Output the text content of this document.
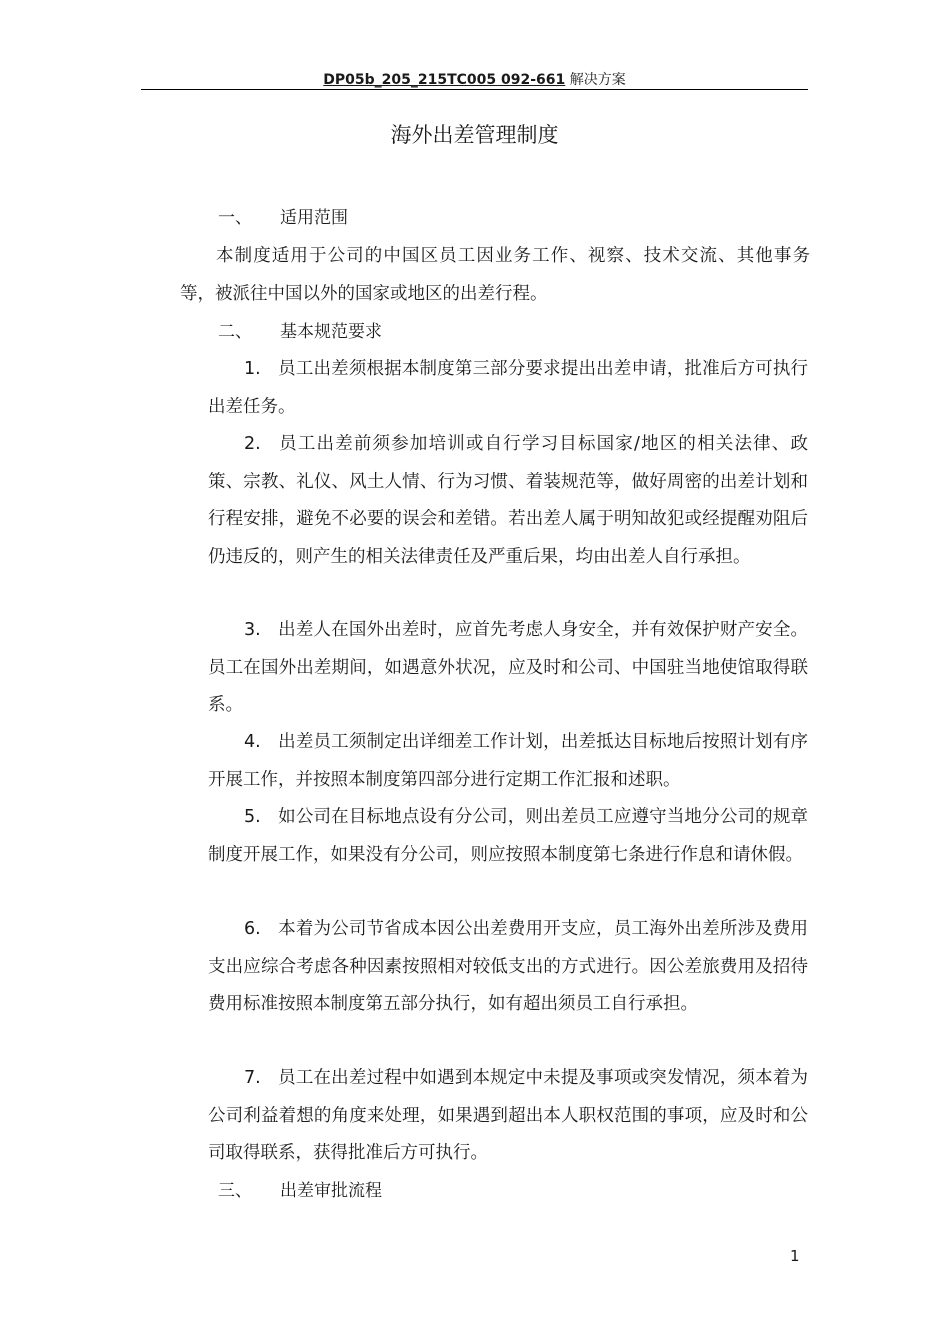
DP05b_205_215TC005 092-661 解决方案
海外出差管理制度
一、 适用范围
本制度适用于公司的中国区员工因业务工作、视察、技术交流、其他事务等，被派往中国以外的国家或地区的出差行程。
二、 基本规范要求
1. 员工出差须根据本制度第三部分要求提出出差申请，批准后方可执行出差任务。
2. 员工出差前须参加培训或自行学习目标国家/地区的相关法律、政策、宗教、礼仪、风土人情、行为习惯、着装规范等，做好周密的出差计划和行程安排，避免不必要的误会和差错。若出差人属于明知故犯或经提醒劝阻后仍违反的，则产生的相关法律责任及严重后果，均由出差人自行承担。
3. 出差人在国外出差时，应首先考虑人身安全，并有效保护财产安全。员工在国外出差期间，如遇意外状况，应及时和公司、中国驻当地使馆取得联系。
4. 出差员工须制定出详细差工作计划，出差抵达目标地后按照计划有序开展工作，并按照本制度第四部分进行定期工作汇报和述职。
5. 如公司在目标地点设有分公司，则出差员工应遵守当地分公司的规章制度开展工作，如果没有分公司，则应按照本制度第七条进行作息和请休假。
6. 本着为公司节省成本因公出差费用开支应，员工海外出差所涉及费用支出应综合考虑各种因素按照相对较低支出的方式进行。因公差旅费用及招待费用标准按照本制度第五部分执行，如有超出须员工自行承担。
7. 员工在出差过程中如遇到本规定中未提及事项或突发情况，须本着为公司利益着想的角度来处理，如果遇到超出本人职权范围的事项，应及时和公司取得联系，获得批准后方可执行。
三、 出差审批流程
1
